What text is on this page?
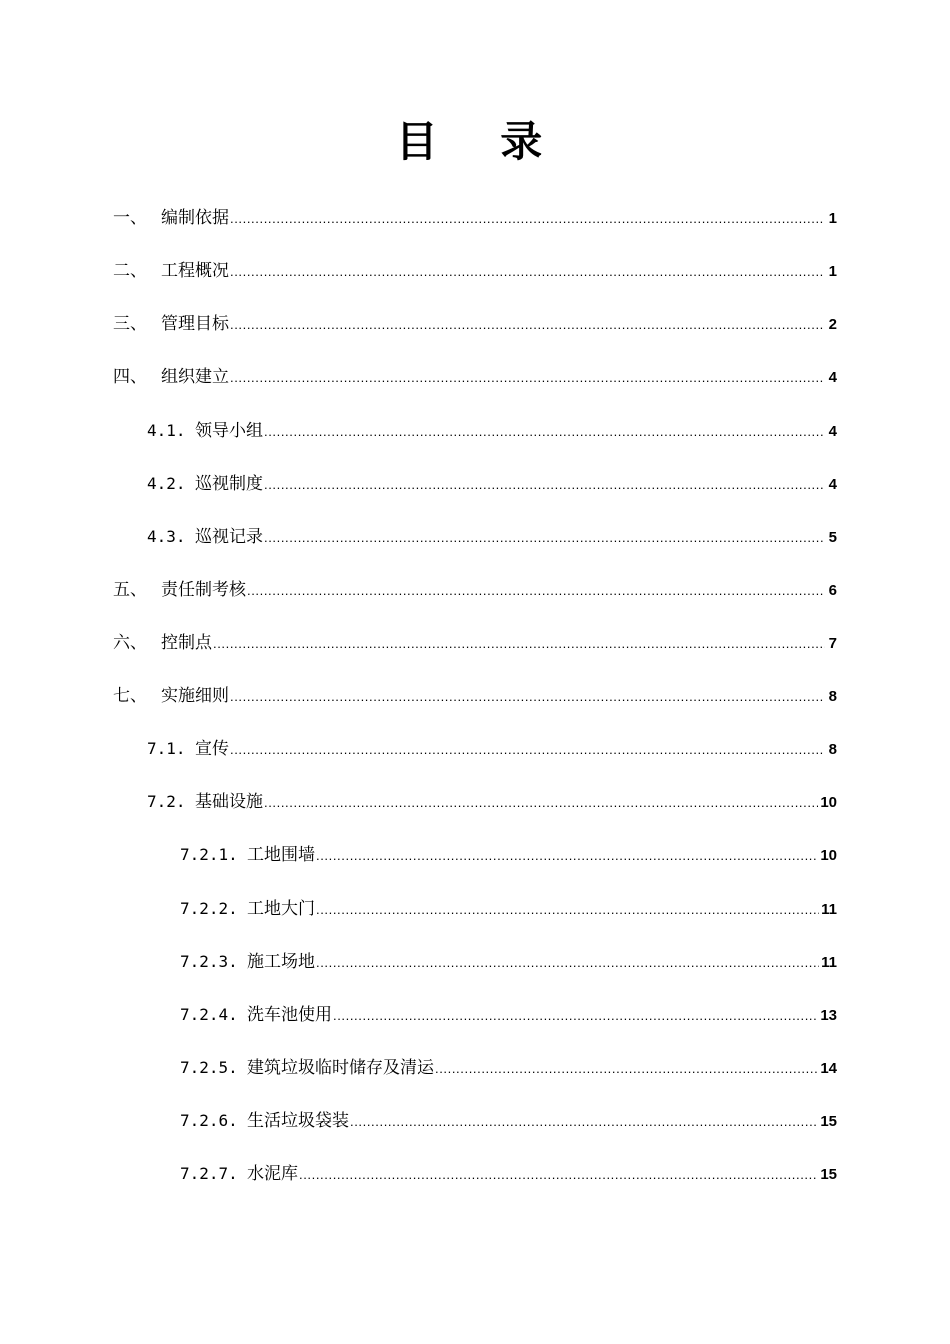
目 录
一、 编制依据 .....	1
二、 工程概况 .....	1
三、 管理目标 .....	2
四、 组织建立 .....	4
4.1. 领导小组 .....	4
4.2. 巡视制度 .....	4
4.3. 巡视记录 .....	5
五、 责任制考核 .....	6
六、 控制点 .....	7
七、 实施细则 .....	8
7.1. 宣传 .....	8
7.2. 基础设施 .....	10
7.2.1. 工地围墙 .....	10
7.2.2. 工地大门 .....	11
7.2.3. 施工场地 .....	11
7.2.4. 洗车池使用 .....	13
7.2.5. 建筑垃圾临时储存及清运 .....	14
7.2.6. 生活垃圾袋装 .....	15
7.2.7. 水泥库 .....	15
